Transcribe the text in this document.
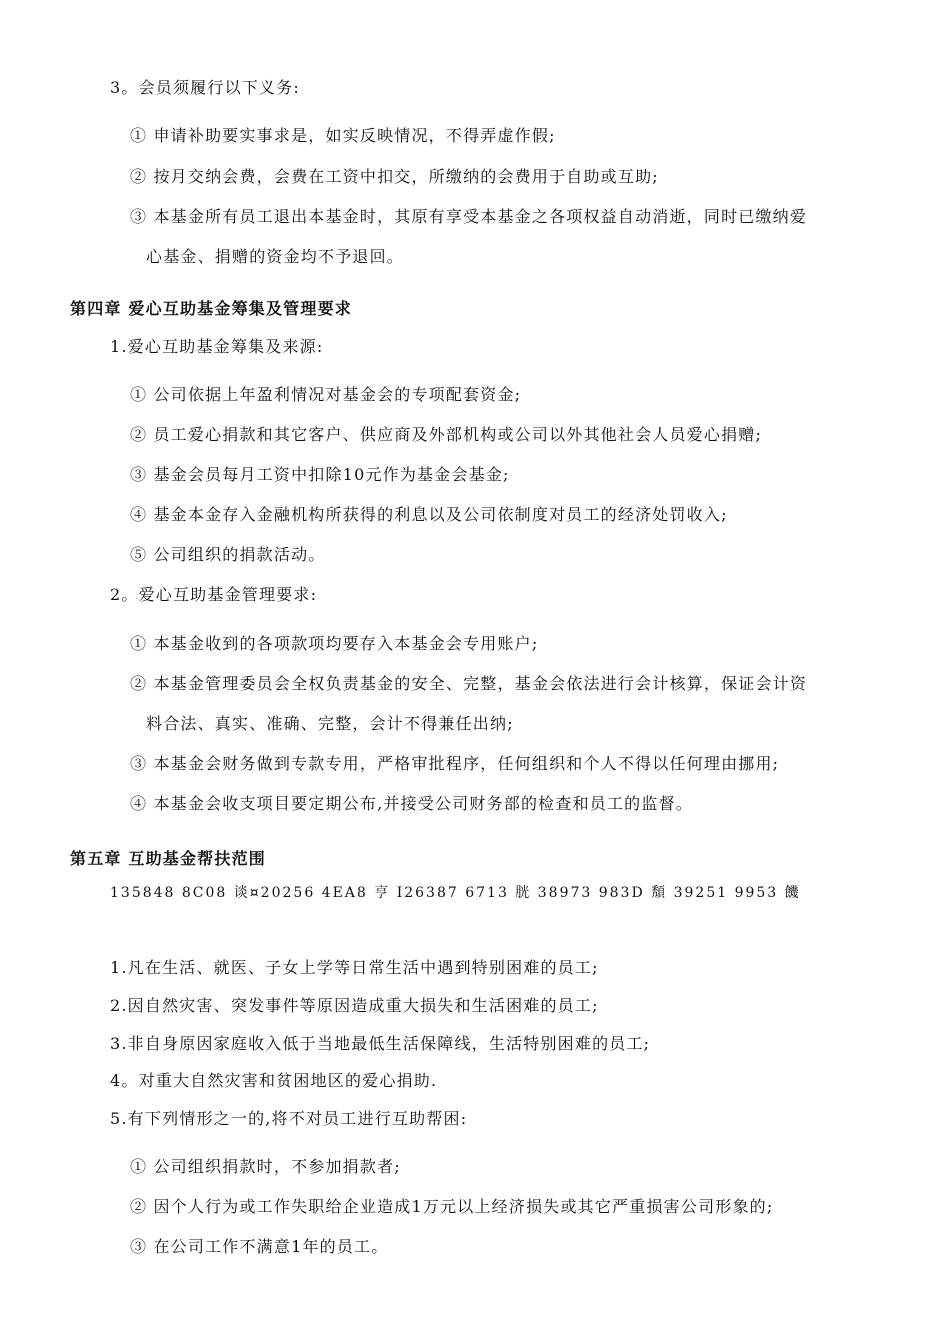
3。会员须履行以下义务:
① 申请补助要实事求是，如实反映情况，不得弄虚作假;
② 按月交纳会费，会费在工资中扣交，所缴纳的会费用于自助或互助;
③ 本基金所有员工退出本基金时，其原有享受本基金之各项权益自动消逝，同时已缴纳爱
心基金、捐赠的资金均不予退回。
第四章 爱心互助基金筹集及管理要求
1.爱心互助基金筹集及来源:
① 公司依据上年盈利情况对基金会的专项配套资金;
② 员工爱心捐款和其它客户、供应商及外部机构或公司以外其他社会人员爱心捐赠;
③ 基金会员每月工资中扣除10元作为基金会基金;
④ 基金本金存入金融机构所获得的利息以及公司依制度对员工的经济处罚收入;
⑤ 公司组织的捐款活动。
2。爱心互助基金管理要求:
① 本基金收到的各项款项均要存入本基金会专用账户;
② 本基金管理委员会全权负责基金的安全、完整，基金会依法进行会计核算，保证会计资
料合法、真实、准确、完整，会计不得兼任出纳;
③ 本基金会财务做到专款专用，严格审批程序，任何组织和个人不得以任何理由挪用;
④ 本基金会收支项目要定期公布,并接受公司财务部的检查和员工的监督。
第五章 互助基金帮扶范围
135848 8C08 谈¤20256 4EA8 亨 I26387 6713 胱 38973 983D 頽 39251 9953 饑
1.凡在生活、就医、子女上学等日常生活中遇到特别困难的员工;
2.因自然灾害、突发事件等原因造成重大损失和生活困难的员工;
3.非自身原因家庭收入低于当地最低生活保障线，生活特别困难的员工;
4。对重大自然灾害和贫困地区的爱心捐助.
5.有下列情形之一的,将不对员工进行互助帮困:
① 公司组织捐款时，不参加捐款者;
② 因个人行为或工作失职给企业造成1万元以上经济损失或其它严重损害公司形象的;
③ 在公司工作不满意1年的员工。
